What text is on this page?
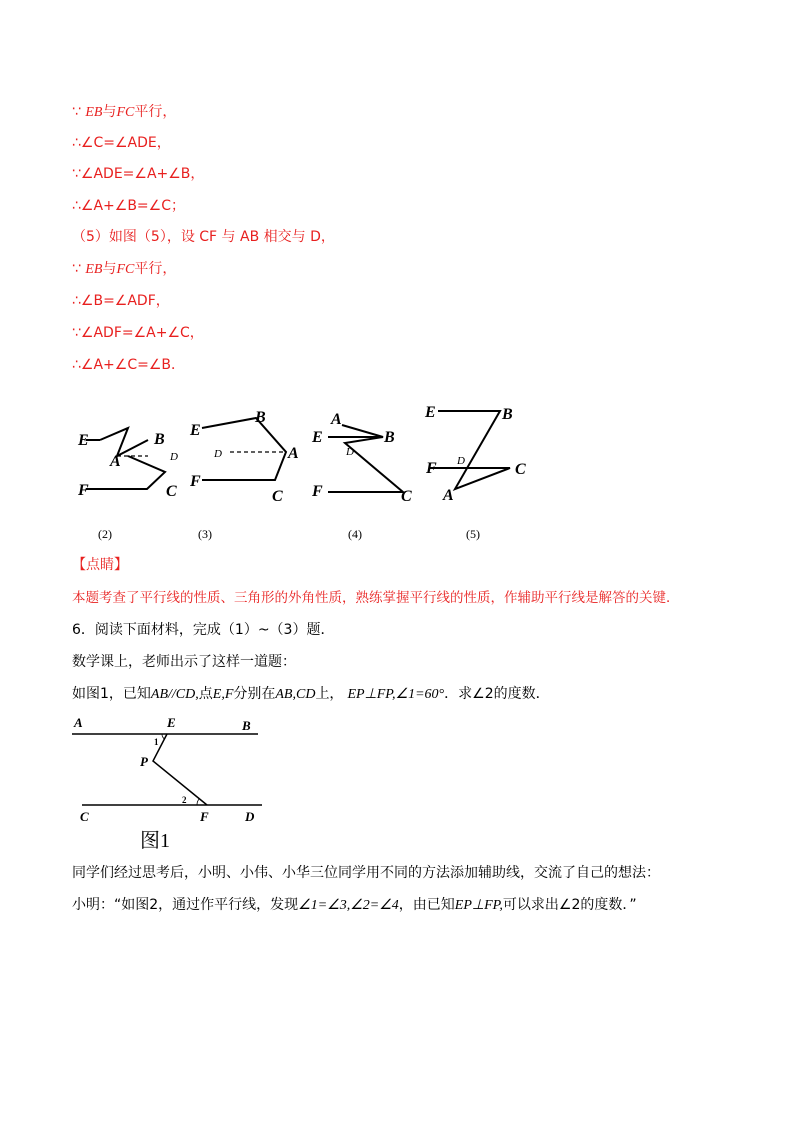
∵ EB与FC平行，
∴∠C=∠ADE，
∵∠ADE=∠A+∠B，
∴∠A+∠B=∠C；
（5）如图（5），设 CF 与 AB 相交与 D，
∵ EB与FC平行，
∴∠B=∠ADF，
∵∠ADF=∠A+∠C，
∴∠A+∠C=∠B．
E	B
A
F	C
E
B
A
F
C
A
E	B
F	C
E	B
F	C
A
D	D	D
D
(2)	(3)	(4)	(5)
【点睛】
本题考查了平行线的性质、三角形的外角性质，熟练掌握平行线的性质，作辅助平行线是解答的关键．
6．阅读下面材料，完成（1）~（3）题．
数学课上，老师出示了这样一道题：
如图1，已知AB//CD,点E,F分别在AB,CD上， EP⊥FP,∠1=60°．求∠2的度数．
A	E	B
P
C	F	D
1
2
图1
同学们经过思考后，小明、小伟、小华三位同学用不同的方法添加辅助线，交流了自己的想法：
小明：“如图2，通过作平行线，发现∠1=∠3,∠2=∠4，由已知EP⊥FP,可以求出∠2的度数．”
